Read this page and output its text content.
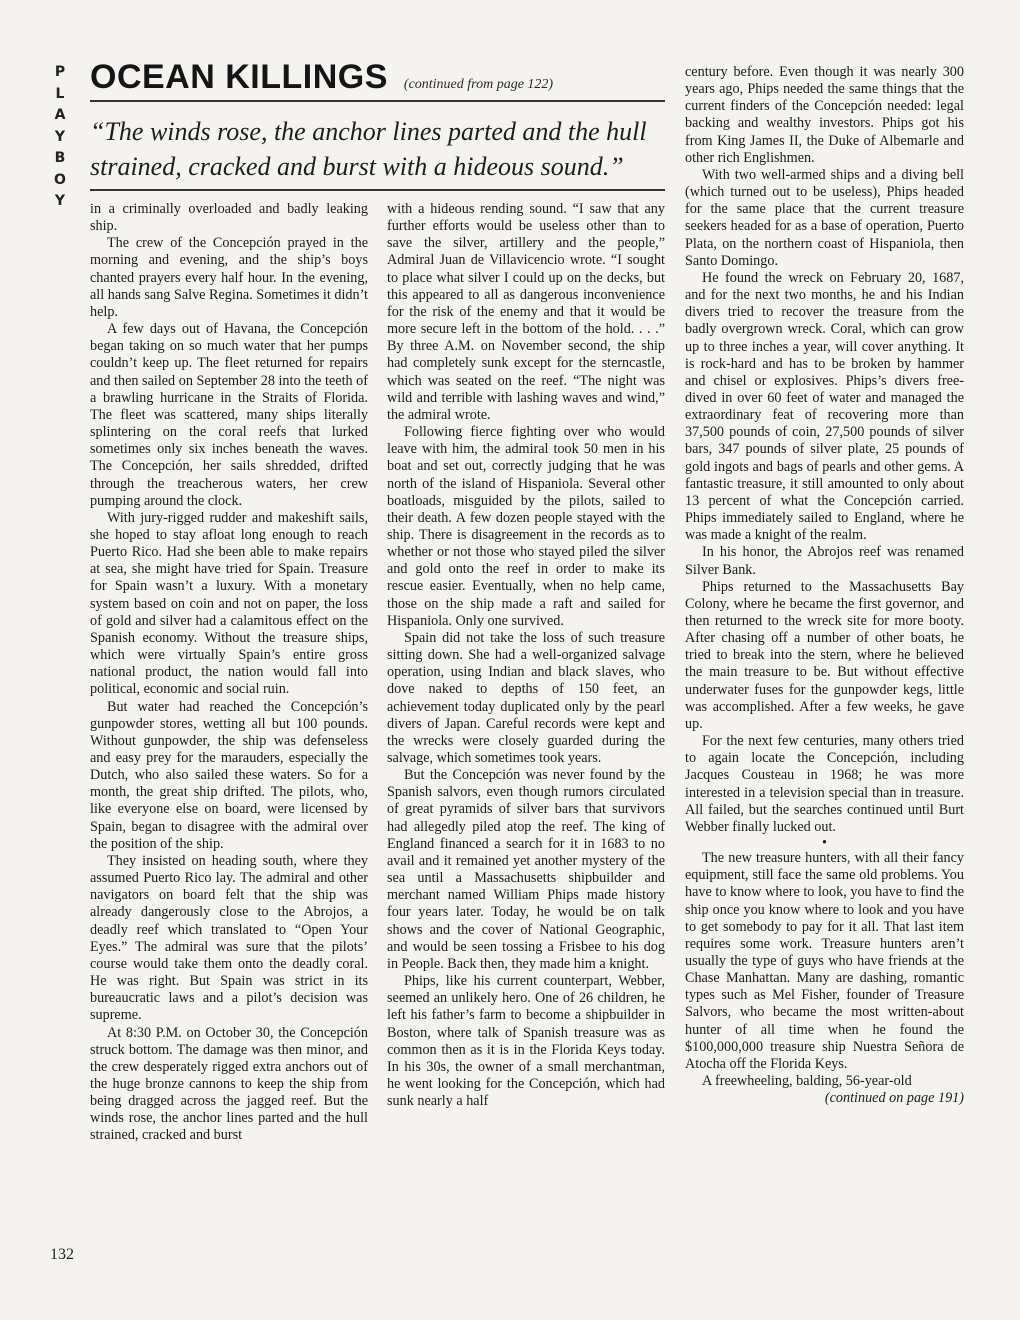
P
L
A
Y
B
O
Y
OCEAN KILLINGS (continued from page 122)
“The winds rose, the anchor lines parted and the hull strained, cracked and burst with a hideous sound.”

in a criminally overloaded and badly leaking ship.

The crew of the Concepción prayed in the morning and evening, and the ship’s boys chanted prayers every half hour. In the evening, all hands sang Salve Regina. Sometimes it didn’t help.

A few days out of Havana, the Concepción began taking on so much water that her pumps couldn’t keep up. The fleet returned for repairs and then sailed on September 28 into the teeth of a brawling hurricane in the Straits of Florida. The fleet was scattered, many ships literally splintering on the coral reefs that lurked sometimes only six inches beneath the waves. The Concepción, her sails shredded, drifted through the treacherous waters, her crew pumping around the clock.

With jury-rigged rudder and makeshift sails, she hoped to stay afloat long enough to reach Puerto Rico. Had she been able to make repairs at sea, she might have tried for Spain. Treasure for Spain wasn’t a luxury. With a monetary system based on coin and not on paper, the loss of gold and silver had a calamitous effect on the Spanish economy. Without the treasure ships, which were virtually Spain’s entire gross national product, the nation would fall into political, economic and social ruin.

But water had reached the Concepción’s gunpowder stores, wetting all but 100 pounds. Without gunpowder, the ship was defenseless and easy prey for the marauders, especially the Dutch, who also sailed these waters. So for a month, the great ship drifted. The pilots, who, like everyone else on board, were licensed by Spain, began to disagree with the admiral over the position of the ship.

They insisted on heading south, where they assumed Puerto Rico lay. The admiral and other navigators on board felt that the ship was already dangerously close to the Abrojos, a deadly reef which translated to “Open Your Eyes.” The admiral was sure that the pilots’ course would take them onto the deadly coral. He was right. But Spain was strict in its bureaucratic laws and a pilot’s decision was supreme.

At 8:30 P.M. on October 30, the Concepción struck bottom. The damage was then minor, and the crew desperately rigged extra anchors out of the huge bronze cannons to keep the ship from being dragged across the jagged reef. But the winds rose, the anchor lines parted and the hull strained, cracked and burst

with a hideous rending sound. “I saw that any further efforts would be useless other than to save the silver, artillery and the people,” Admiral Juan de Villavicencio wrote. “I sought to place what silver I could up on the decks, but this appeared to all as dangerous inconvenience for the risk of the enemy and that it would be more secure left in the bottom of the hold. . . .” By three A.M. on November second, the ship had completely sunk except for the sterncastle, which was seated on the reef. “The night was wild and terrible with lashing waves and wind,” the admiral wrote.

Following fierce fighting over who would leave with him, the admiral took 50 men in his boat and set out, correctly judging that he was north of the island of Hispaniola. Several other boatloads, misguided by the pilots, sailed to their death. A few dozen people stayed with the ship. There is disagreement in the records as to whether or not those who stayed piled the silver and gold onto the reef in order to make its rescue easier. Eventually, when no help came, those on the ship made a raft and sailed for Hispaniola. Only one survived.

Spain did not take the loss of such treasure sitting down. She had a well-organized salvage operation, using Indian and black slaves, who dove naked to depths of 150 feet, an achievement today duplicated only by the pearl divers of Japan. Careful records were kept and the wrecks were closely guarded during the salvage, which sometimes took years.

But the Concepción was never found by the Spanish salvors, even though rumors circulated of great pyramids of silver bars that survivors had allegedly piled atop the reef. The king of England financed a search for it in 1683 to no avail and it remained yet another mystery of the sea until a Massachusetts shipbuilder and merchant named William Phips made history four years later. Today, he would be on talk shows and the cover of National Geographic, and would be seen tossing a Frisbee to his dog in People. Back then, they made him a knight.

Phips, like his current counterpart, Webber, seemed an unlikely hero. One of 26 children, he left his father’s farm to become a shipbuilder in Boston, where talk of Spanish treasure was as common then as it is in the Florida Keys today. In his 30s, the owner of a small merchantman, he went looking for the Concepción, which had sunk nearly a half

century before. Even though it was nearly 300 years ago, Phips needed the same things that the current finders of the Concepción needed: legal backing and wealthy investors. Phips got his from King James II, the Duke of Albemarle and other rich Englishmen.

With two well-armed ships and a diving bell (which turned out to be useless), Phips headed for the same place that the current treasure seekers headed for as a base of operation, Puerto Plata, on the northern coast of Hispaniola, then Santo Domingo.

He found the wreck on February 20, 1687, and for the next two months, he and his Indian divers tried to recover the treasure from the badly overgrown wreck. Coral, which can grow up to three inches a year, will cover anything. It is rock-hard and has to be broken by hammer and chisel or explosives. Phips’s divers free-dived in over 60 feet of water and managed the extraordinary feat of recovering more than 37,500 pounds of coin, 27,500 pounds of silver bars, 347 pounds of silver plate, 25 pounds of gold ingots and bags of pearls and other gems. A fantastic treasure, it still amounted to only about 13 percent of what the Concepción carried. Phips immediately sailed to England, where he was made a knight of the realm.

In his honor, the Abrojos reef was renamed Silver Bank.

Phips returned to the Massachusetts Bay Colony, where he became the first governor, and then returned to the wreck site for more booty. After chasing off a number of other boats, he tried to break into the stern, where he believed the main treasure to be. But without effective underwater fuses for the gunpowder kegs, little was accomplished. After a few weeks, he gave up.

For the next few centuries, many others tried to again locate the Concepción, including Jacques Cousteau in 1968; he was more interested in a television special than in treasure. All failed, but the searches continued until Burt Webber finally lucked out.

•

The new treasure hunters, with all their fancy equipment, still face the same old problems. You have to know where to look, you have to find the ship once you know where to look and you have to get somebody to pay for it all. That last item requires some work. Treasure hunters aren’t usually the type of guys who have friends at the Chase Manhattan. Many are dashing, romantic types such as Mel Fisher, founder of Treasure Salvors, who became the most written-about hunter of all time when he found the $100,000,000 treasure ship Nuestra Señora de Atocha off the Florida Keys.

A freewheeling, balding, 56-year-old

(continued on page 191)

132
